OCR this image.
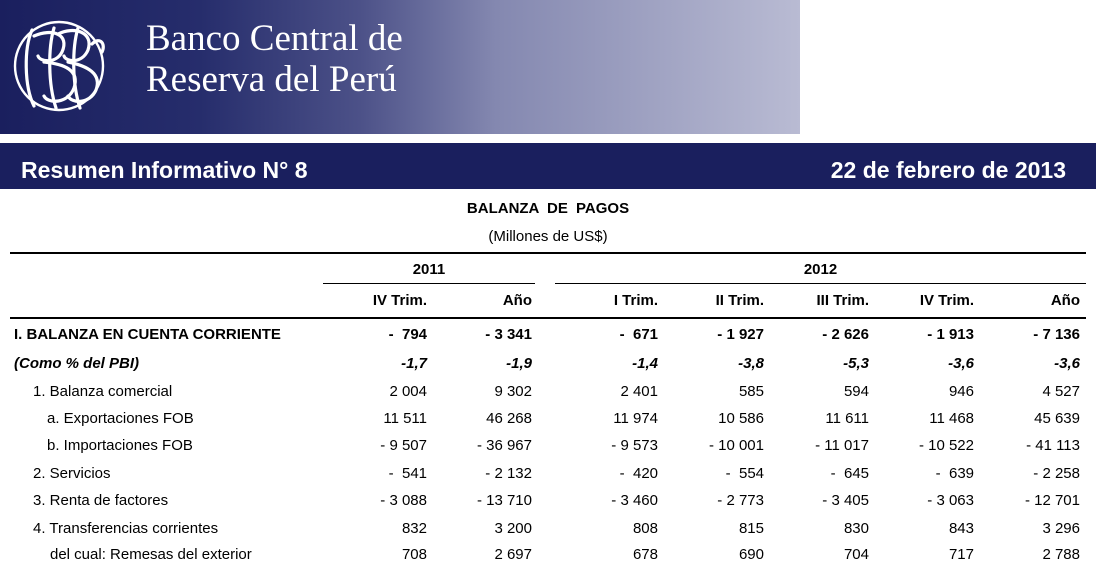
Banco Central de
Reserva del Perú
Resumen Informativo N° 8	22 de febrero de 2013
BALANZA DE PAGOS
(Millones de US$)
2011	2012
IV Trim.	Año	I Trim.	II Trim.	III Trim.	IV Trim.	Año
I. BALANZA EN CUENTA CORRIENTE	-  794	- 3 341	-  671	- 1 927	- 2 626	- 1 913	- 7 136
(Como % del PBI)	-1,7	-1,9	-1,4	-3,8	-5,3	-3,6	-3,6
1. Balanza comercial	2 004	9 302	2 401	585	594	946	4 527
a. Exportaciones FOB	11 511	46 268	11 974	10 586	11 611	11 468	45 639
b. Importaciones FOB	- 9 507	- 36 967	- 9 573	- 10 001	- 11 017	- 10 522	- 41 113
2. Servicios	-  541	- 2 132	-  420	-  554	-  645	-  639	- 2 258
3. Renta de factores	- 3 088	- 13 710	- 3 460	- 2 773	- 3 405	- 3 063	- 12 701
4. Transferencias corrientes	832	3 200	808	815	830	843	3 296
del cual: Remesas del exterior	708	2 697	678	690	704	717	2 788
